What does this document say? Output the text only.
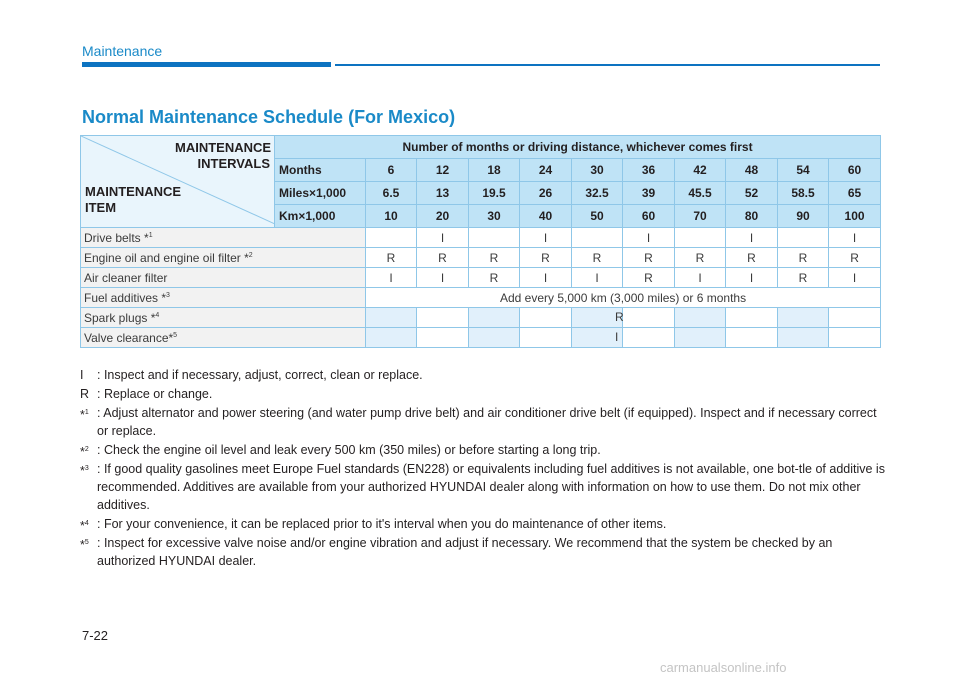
Maintenance
Normal Maintenance Schedule (For Mexico)
MAINTENANCE
INTERVALS
MAINTENANCE
ITEM	Number of months or driving distance, whichever comes first										
	Months	6	12	18	24	30	36	42	48	54	60
	Miles×1,000	6.5	13	19.5	26	32.5	39	45.5	52	58.5	65
	Km×1,000	10	20	30	40	50	60	70	80	90	100
Drive belts *$^1$			I		I		I		I		I
Engine oil and engine oil filter *$^2$		R	R	R	R	R	R	R	R	R	R
Air cleaner filter		I	I	R	I	I	R	I	I	R	I
Fuel additives *$^3$		Add every 5,000 km (3,000 miles) or 6 months									
Spark plugs *$^4$							R				

Valve clearance*$^5$							I				

I : Inspect and if necessary, adjust, correct, clean or replace.
R : Replace or change.
*$^1$ : Adjust alternator and power steering (and water pump drive belt) and air conditioner drive belt (if equipped). Inspect and if necessary correct or replace.
*$^2$ : Check the engine oil level and leak every 500 km (350 miles) or before starting a long trip.
*$^3$ : If good quality gasolines meet Europe Fuel standards (EN228) or equivalents including fuel additives is not available, one bot-tle of additive is recommended. Additives are available from your authorized HYUNDAI dealer along with information on how to use them. Do not mix other additives.
*$^4$ : For your convenience, it can be replaced prior to it's interval when you do maintenance of other items.
*$^5$ : Inspect for excessive valve noise and/or engine vibration and adjust if necessary. We recommend that the system be checked by an authorized HYUNDAI dealer.
7-22
carmanualsonline.info
